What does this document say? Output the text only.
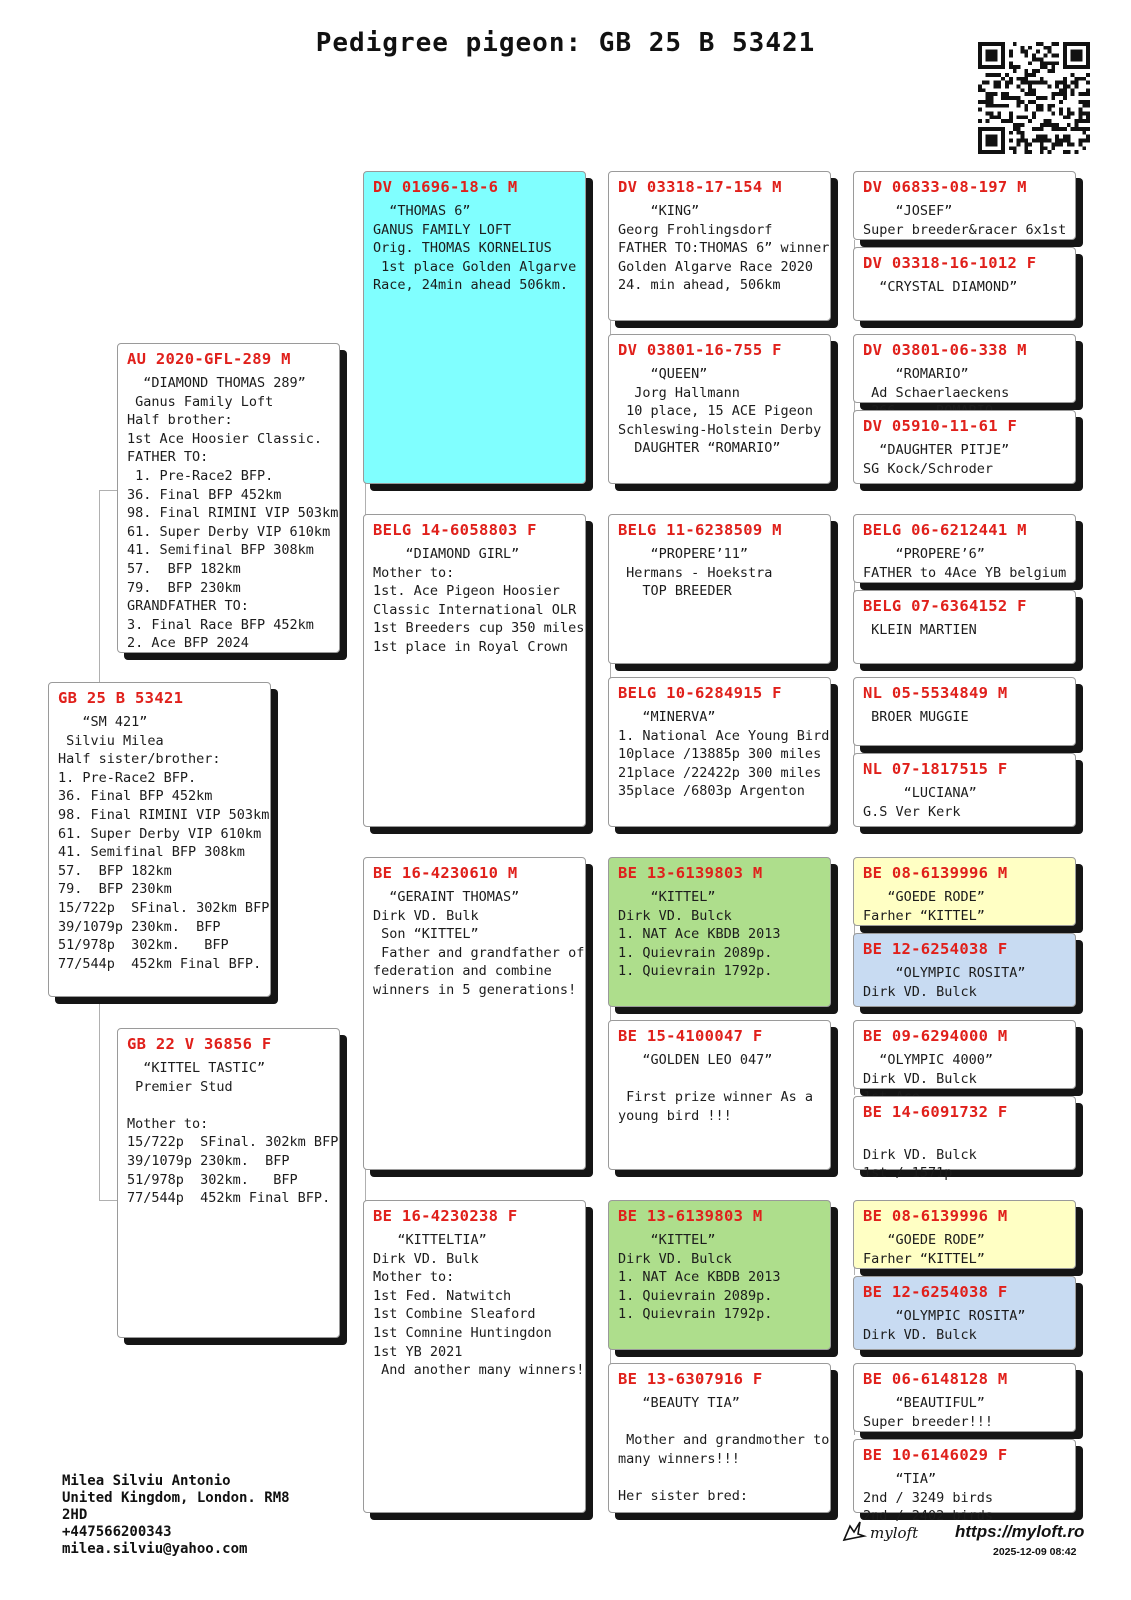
Pedigree pigeon: GB 25 B 53421
GB 25 B 53421
“SM 421”
Silviu Milea
Half sister/brother:
1. Pre-Race2 BFP.
36. Final BFP 452km
98. Final RIMINI VIP 503km
61. Super Derby VIP 610km
41. Semifinal BFP 308km
57.  BFP 182km
79.  BFP 230km
15/722p  SFinal. 302km BFP
39/1079p 230km.  BFP
51/978p  302km.   BFP
77/544p  452km Final BFP.
AU 2020-GFL-289 M
“DIAMOND THOMAS 289”
Ganus Family Loft
Half brother:
1st Ace Hoosier Classic.
FATHER TO:
1. Pre-Race2 BFP.
36. Final BFP 452km
98. Final RIMINI VIP 503km
61. Super Derby VIP 610km
41. Semifinal BFP 308km
57.  BFP 182km
79.  BFP 230km
GRANDFATHER TO:
3. Final Race BFP 452km
2. Ace BFP 2024
GB 22 V 36856 F
“KITTEL TASTIC”
Premier Stud

Mother to:
15/722p  SFinal. 302km BFP
39/1079p 230km.  BFP
51/978p  302km.   BFP
77/544p  452km Final BFP.
DV 01696-18-6 M
“THOMAS 6”
GANUS FAMILY LOFT
Orig. THOMAS KORNELIUS
1st place Golden Algarve
Race, 24min ahead 506km.
BELG 14-6058803 F
“DIAMOND GIRL”
Mother to:
1st. Ace Pigeon Hoosier
Classic International OLR
1st Breeders cup 350 miles
1st place in Royal Crown
BE 16-4230610 M
“GERAINT THOMAS”
Dirk VD. Bulk
Son “KITTEL”
Father and grandfather of
federation and combine
winners in 5 generations!
BE 16-4230238 F
“KITTELTIA”
Dirk VD. Bulk
Mother to:
1st Fed. Natwitch
1st Combine Sleaford
1st Comnine Huntingdon
1st YB 2021
And another many winners!
DV 03318-17-154 M
“KING”
Georg Frohlingsdorf
FATHER TO:THOMAS 6” winner
Golden Algarve Race 2020
24. min ahead, 506km
DV 03801-16-755 F
“QUEEN”
Jorg Hallmann
10 place, 15 ACE Pigeon
Schleswing-Holstein Derby
DAUGHTER “ROMARIO”
BELG 11-6238509 M
“PROPERE’11”
Hermans - Hoekstra
TOP BREEDER
BELG 10-6284915 F
“MINERVA”
1. National Ace Young Bird
10place /13885p 300 miles
21place /22422p 300 miles
35place /6803p Argenton
BE 13-6139803 M
“KITTEL”
Dirk VD. Bulck
1. NAT Ace KBDB 2013
1. Quievrain 2089p.
1. Quievrain 1792p.
BE 15-4100047 F
“GOLDEN LEO 047”

First prize winner As a
young bird !!!
BE 13-6139803 M
“KITTEL”
Dirk VD. Bulck
1. NAT Ace KBDB 2013
1. Quievrain 2089p.
1. Quievrain 1792p.
BE 13-6307916 F
“BEAUTY TIA”

Mother and grandmother to
many winners!!!

Her sister bred:
DV 06833-08-197 M
“JOSEF”
Super breeder&racer 6x1st
DV 03318-16-1012 F
“CRYSTAL DIAMOND”
DV 03801-06-338 M
“ROMARIO”
Ad Schaerlaeckens
DV 05910-11-61 F
“DAUGHTER PITJE”
SG Kock/Schroder
BELG 06-6212441 M
“PROPERE’6”
FATHER to 4Ace YB belgium
BELG 07-6364152 F
KLEIN MARTIEN
NL 05-5534849 M
BROER MUGGIE
NL 07-1817515 F
“LUCIANA”
G.S Ver Kerk
BE 08-6139996 M
“GOEDE RODE”
Farher “KITTEL”
BE 12-6254038 F
“OLYMPIC ROSITA”
Dirk VD. Bulck
BE 09-6294000 M
“OLYMPIC 4000”
Dirk VD. Bulck
BE 14-6091732 F

Dirk VD. Bulck
1st / 1571p
BE 08-6139996 M
“GOEDE RODE”
Farher “KITTEL”
BE 12-6254038 F
“OLYMPIC ROSITA”
Dirk VD. Bulck
BE 06-6148128 M
“BEAUTIFUL”
Super breeder!!!
BE 10-6146029 F
“TIA”
2nd / 3249 birds
2nd / 2402 birds
Milea Silviu Antonio
United Kingdom, London. RM8
2HD
+447566200343
milea.silviu@yahoo.com
myloft https://myloft.ro
2025-12-09 08:42
